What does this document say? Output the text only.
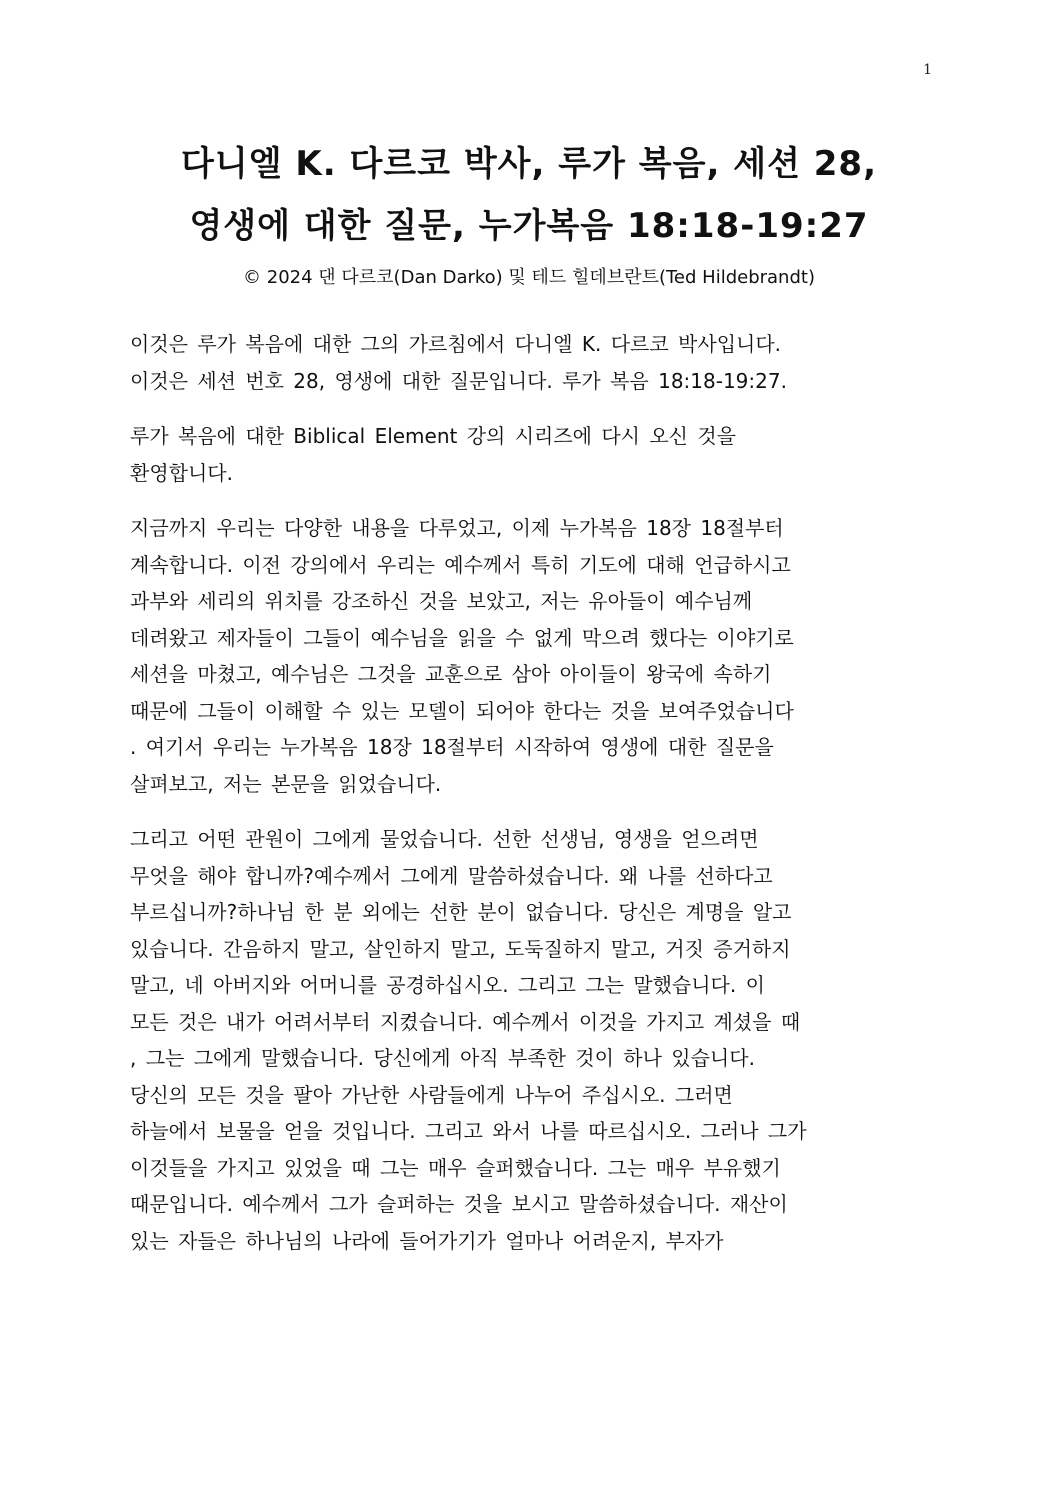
1
다니엘 K. 다르코 박사, 루가 복음, 세션 28,
영생에 대한 질문, 누가복음 18:18-19:27
© 2024 댄 다르코(Dan Darko) 및 테드 힐데브란트(Ted Hildebrandt)
이것은 루가 복음에 대한 그의 가르침에서 다니엘 K. 다르코 박사입니다.
이것은 세션 번호 28, 영생에 대한 질문입니다. 루가 복음 18:18-19:27.
루가 복음에 대한 Biblical Element 강의 시리즈에 다시 오신 것을
환영합니다.
지금까지 우리는 다양한 내용을 다루었고, 이제 누가복음 18장 18절부터
계속합니다. 이전 강의에서 우리는 예수께서 특히 기도에 대해 언급하시고
과부와 세리의 위치를 강조하신 것을 보았고, 저는 유아들이 예수님께
데려왔고 제자들이 그들이 예수님을 읽을 수 없게 막으려 했다는 이야기로
세션을 마쳤고, 예수님은 그것을 교훈으로 삼아 아이들이 왕국에 속하기
때문에 그들이 이해할 수 있는 모델이 되어야 한다는 것을 보여주었습니다
. 여기서 우리는 누가복음 18장 18절부터 시작하여 영생에 대한 질문을
살펴보고, 저는 본문을 읽었습니다.
그리고 어떤 관원이 그에게 물었습니다. 선한 선생님, 영생을 얻으려면
무엇을 해야 합니까?예수께서 그에게 말씀하셨습니다. 왜 나를 선하다고
부르십니까?하나님 한 분 외에는 선한 분이 없습니다. 당신은 계명을 알고
있습니다. 간음하지 말고, 살인하지 말고, 도둑질하지 말고, 거짓 증거하지
말고, 네 아버지와 어머니를 공경하십시오. 그리고 그는 말했습니다. 이
모든 것은 내가 어려서부터 지켰습니다. 예수께서 이것을 가지고 계셨을 때
, 그는 그에게 말했습니다. 당신에게 아직 부족한 것이 하나 있습니다.
당신의 모든 것을 팔아 가난한 사람들에게 나누어 주십시오. 그러면
하늘에서 보물을 얻을 것입니다. 그리고 와서 나를 따르십시오. 그러나 그가
이것들을 가지고 있었을 때 그는 매우 슬퍼했습니다. 그는 매우 부유했기
때문입니다. 예수께서 그가 슬퍼하는 것을 보시고 말씀하셨습니다. 재산이
있는 자들은 하나님의 나라에 들어가기가 얼마나 어려운지, 부자가
